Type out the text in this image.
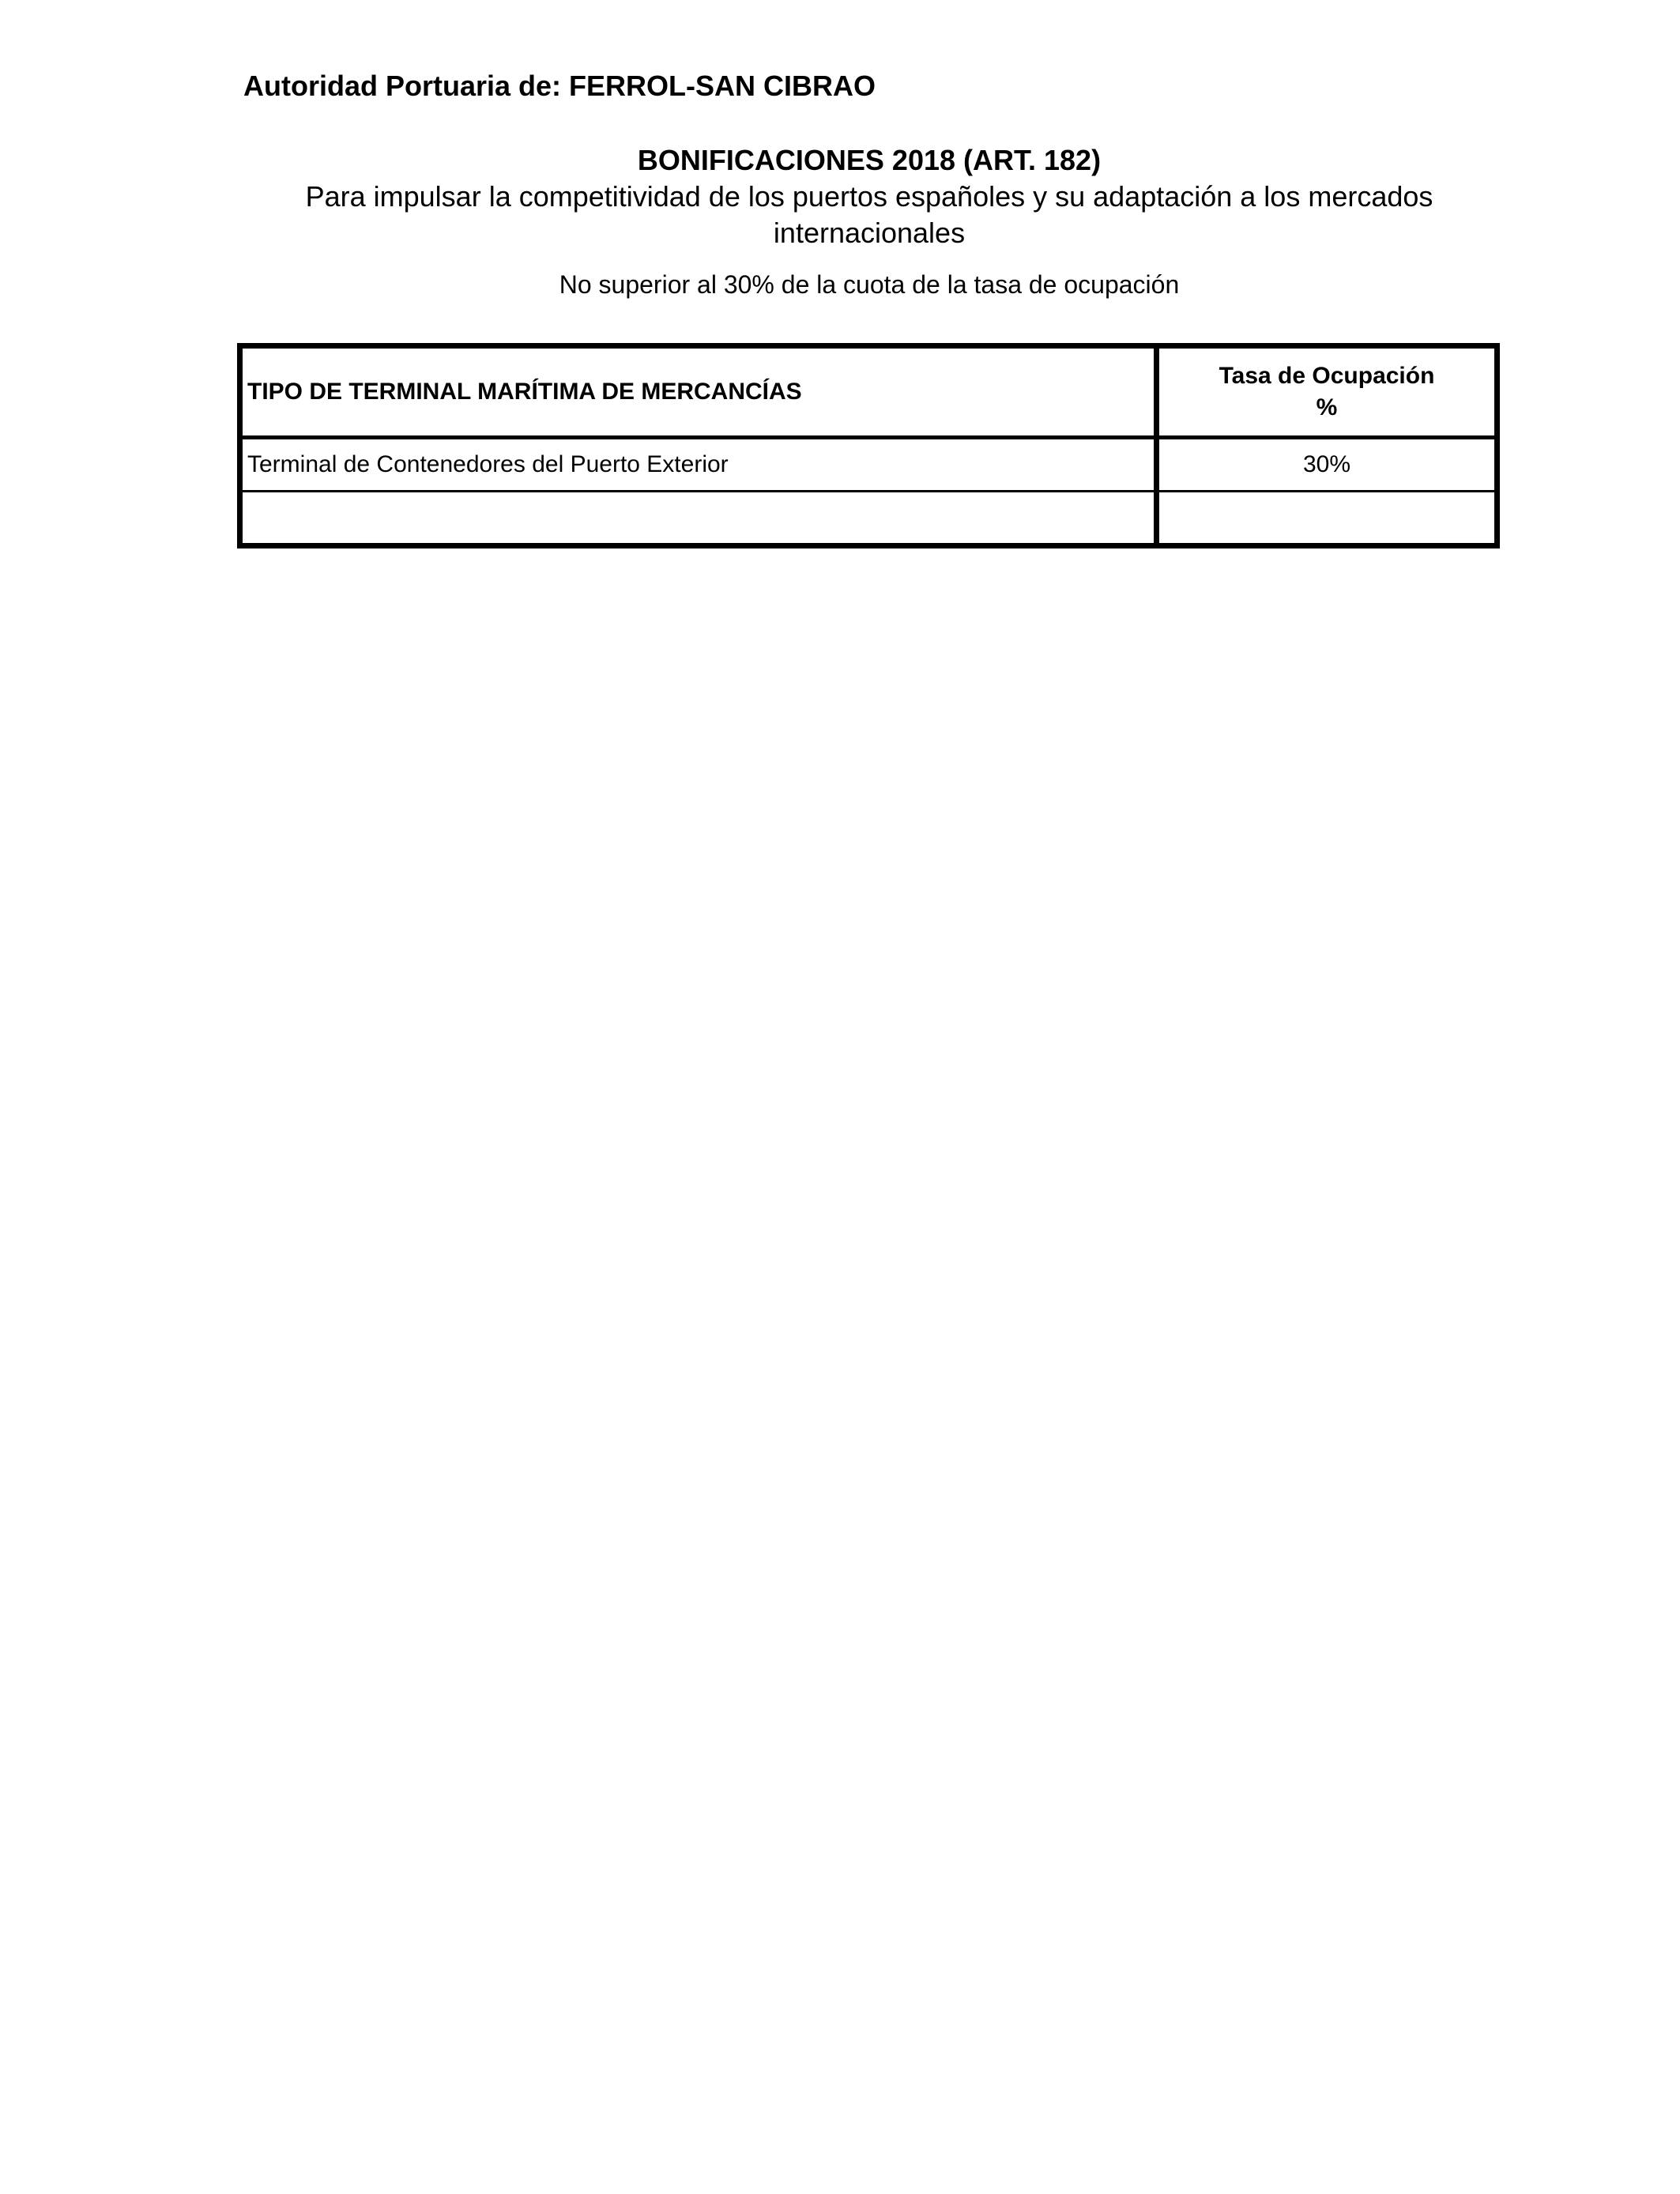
Autoridad Portuaria de: FERROL-SAN CIBRAO
BONIFICACIONES 2018 (ART. 182)
Para impulsar la competitividad de los puertos españoles y su adaptación a los mercados
internacionales
No superior al 30% de la cuota de la tasa de ocupación
TIPO DE TERMINAL MARÍTIMA DE MERCANCÍAS	Tasa de Ocupación
%

Terminal de Contenedores del Puerto Exterior	30%
